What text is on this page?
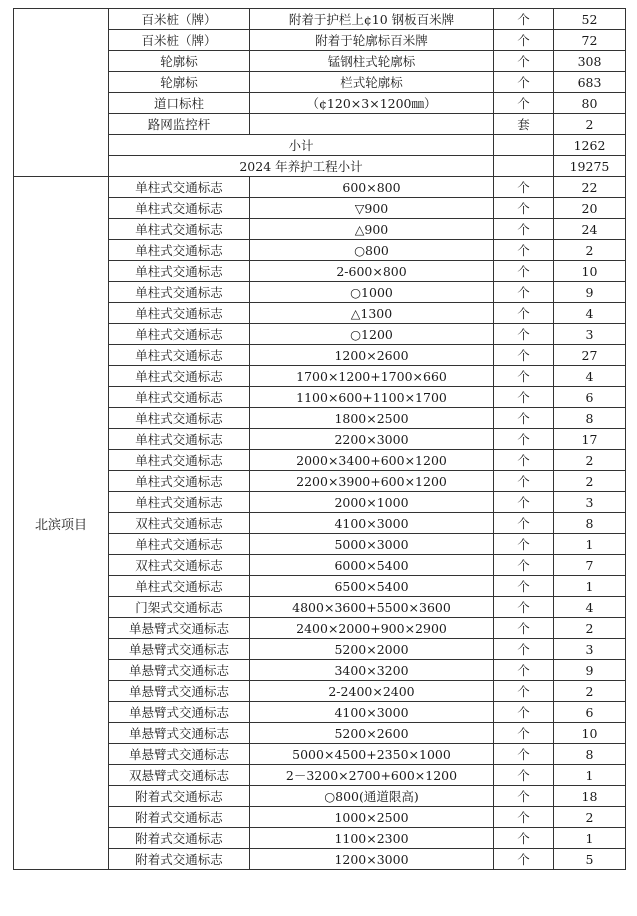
	百米桩（牌）	附着于护栏上¢10 钢板百米牌	个	52
	百米桩（牌）	附着于轮廓标百米牌	个	72
	轮廓标	锰钢柱式轮廓标	个	308
	轮廓标	栏式轮廓标	个	683
	道口标柱	（¢120×3×1200㎜）	个	80
	路网监控杆		套	2
	小计			1262
	2024 年养护工程小计			19275
北滨项目	单柱式交通标志	600×800	个	22
	单柱式交通标志	▽900	个	20
	单柱式交通标志	△900	个	24
	单柱式交通标志	○800	个	2
	单柱式交通标志	2-600×800	个	10
	单柱式交通标志	○1000	个	9
	单柱式交通标志	△1300	个	4
	单柱式交通标志	○1200	个	3
	单柱式交通标志	1200×2600	个	27
	单柱式交通标志	1700×1200+1700×660	个	4
	单柱式交通标志	1100×600+1100×1700	个	6
	单柱式交通标志	1800×2500	个	8
	单柱式交通标志	2200×3000	个	17
	单柱式交通标志	2000×3400+600×1200	个	2
	单柱式交通标志	2200×3900+600×1200	个	2
	单柱式交通标志	2000×1000	个	3
	双柱式交通标志	4100×3000	个	8
	单柱式交通标志	5000×3000	个	1
	双柱式交通标志	6000×5400	个	7
	单柱式交通标志	6500×5400	个	1
	门架式交通标志	4800×3600+5500×3600	个	4
	单悬臂式交通标志	2400×2000+900×2900	个	2
	单悬臂式交通标志	5200×2000	个	3
	单悬臂式交通标志	3400×3200	个	9
	单悬臂式交通标志	2-2400×2400	个	2
	单悬臂式交通标志	4100×3000	个	6
	单悬臂式交通标志	5200×2600	个	10
	单悬臂式交通标志	5000×4500+2350×1000	个	8
	双悬臂式交通标志	2－3200×2700+600×1200	个	1
	附着式交通标志	○800(通道限高)	个	18
	附着式交通标志	1000×2500	个	2
	附着式交通标志	1100×2300	个	1
	附着式交通标志	1200×3000	个	5
